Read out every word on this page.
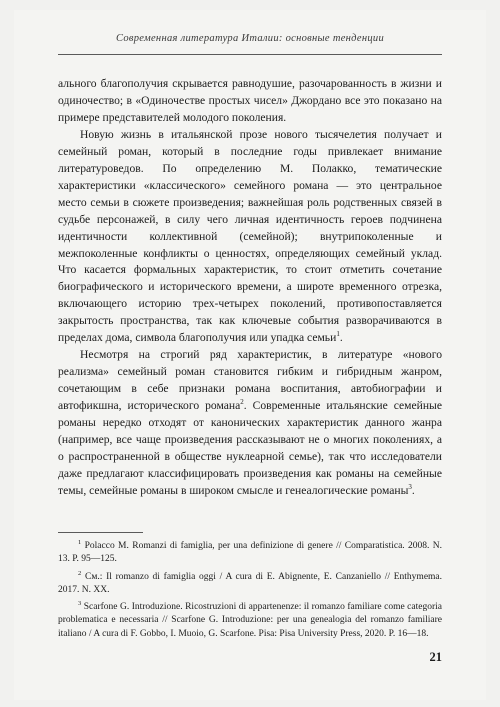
Современная литература Италии: основные тенденции

ального благополучия скрывается равнодушие, разочарованность в жизни и одиночество; в «Одиночестве простых чисел» Джордано все это показано на примере представителей молодого поколения.

Новую жизнь в итальянской прозе нового тысячелетия получает и семейный роман, который в последние годы привлекает внимание литературоведов. По определению М. Полакко, тематические характеристики «классического» семейного романа — это центральное место семьи в сюжете произведения; важнейшая роль родственных связей в судьбе персонажей, в силу чего личная идентичность героев подчинена идентичности коллективной (семейной); внутрипоколенные и межпоколенные конфликты о ценностях, определяющих семейный уклад. Что касается формальных характеристик, то стоит отметить сочетание биографического и исторического времени, а широте временного отрезка, включающего историю трех-четырех поколений, противопоставляется закрытость пространства, так как ключевые события разворачиваются в пределах дома, символа благополучия или упадка семьи$^1$.

Несмотря на строгий ряд характеристик, в литературе «нового реализма» семейный роман становится гибким и гибридным жанром, сочетающим в себе признаки романа воспитания, автобиографии и автофикшна, исторического романа$^2$. Современные итальянские семейные романы нередко отходят от канонических характеристик данного жанра (например, все чаще произведения рассказывают не о многих поколениях, а о распространенной в обществе нуклеарной семье), так что исследователи даже предлагают классифицировать произведения как романы на семейные темы, семейные романы в широком смысле и генеалогические романы$^3$.

$^1$ Polacco M. Romanzi di famiglia, per una definizione di genere // Comparatistica. 2008. N. 13. P. 95—125.

$^2$ См.: Il romanzo di famiglia oggi / A cura di E. Abignente, E. Canzaniello // Enthymema. 2017. N. XX.

$^3$ Scarfone G. Introduzione. Ricostruzioni di appartenenze: il romanzo familiare come categoria problematica e necessaria // Scarfone G. Introduzione: per una genealogia del romanzo familiare italiano / A cura di F. Gobbo, I. Muoio, G. Scarfone. Pisa: Pisa University Press, 2020. P. 16—18.

21
